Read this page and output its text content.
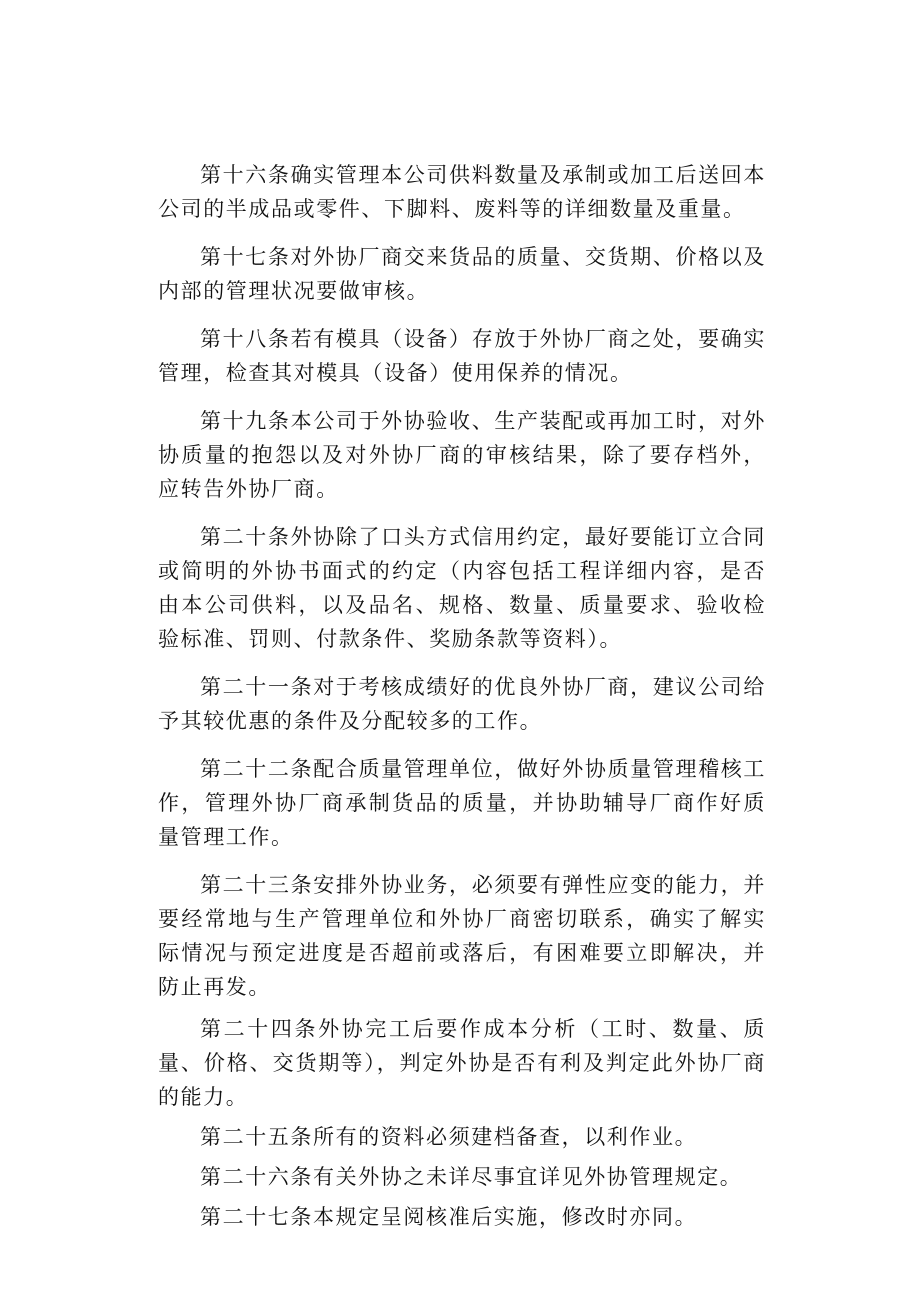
第十六条确实管理本公司供料数量及承制或加工后送回本公司的半成品或零件、下脚料、废料等的详细数量及重量。

第十七条对外协厂商交来货品的质量、交货期、价格以及内部的管理状况要做审核。

第十八条若有模具（设备）存放于外协厂商之处，要确实管理，检查其对模具（设备）使用保养的情况。

第十九条本公司于外协验收、生产装配或再加工时，对外协质量的抱怨以及对外协厂商的审核结果，除了要存档外，应转告外协厂商。

第二十条外协除了口头方式信用约定，最好要能订立合同或简明的外协书面式的约定（内容包括工程详细内容，是否由本公司供料，以及品名、规格、数量、质量要求、验收检验标准、罚则、付款条件、奖励条款等资料）。

第二十一条对于考核成绩好的优良外协厂商，建议公司给予其较优惠的条件及分配较多的工作。

第二十二条配合质量管理单位，做好外协质量管理稽核工作，管理外协厂商承制货品的质量，并协助辅导厂商作好质量管理工作。

第二十三条安排外协业务，必须要有弹性应变的能力，并要经常地与生产管理单位和外协厂商密切联系，确实了解实际情况与预定进度是否超前或落后，有困难要立即解决，并防止再发。

第二十四条外协完工后要作成本分析（工时、数量、质量、价格、交货期等），判定外协是否有利及判定此外协厂商的能力。

第二十五条所有的资料必须建档备查，以利作业。

第二十六条有关外协之未详尽事宜详见外协管理规定。

第二十七条本规定呈阅核准后实施，修改时亦同。
